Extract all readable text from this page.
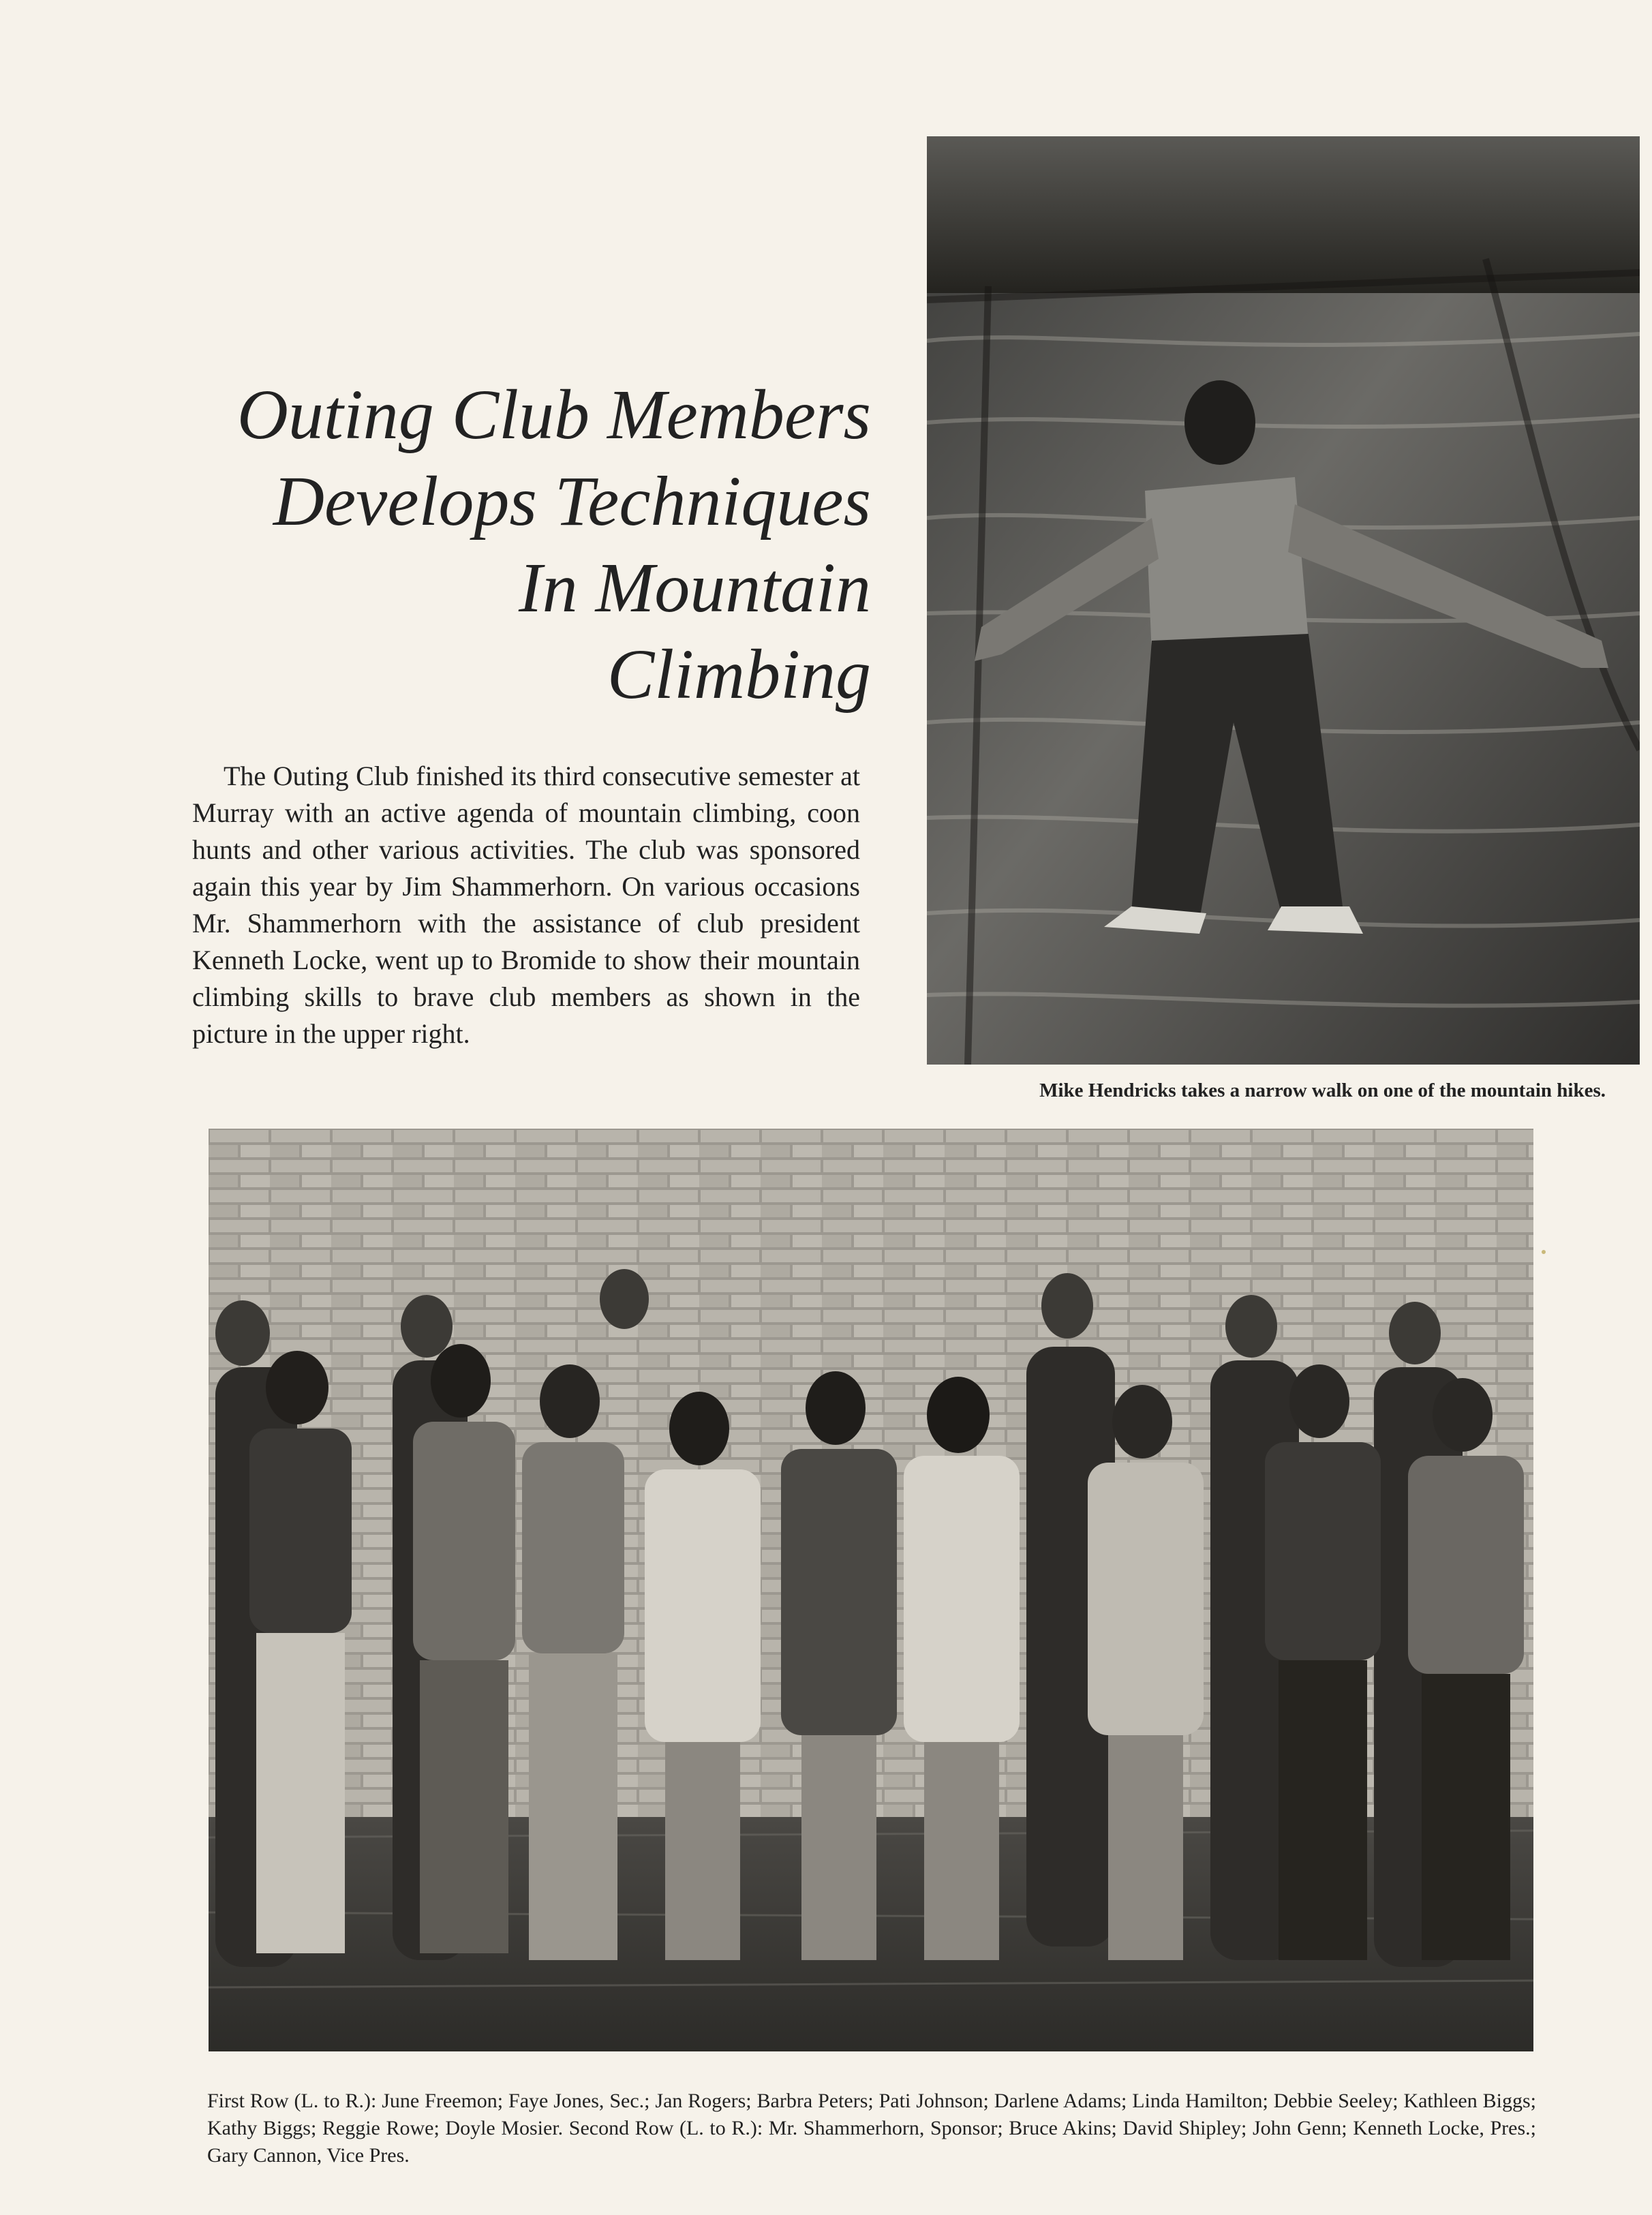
Outing Club Members
Develops Techniques
In Mountain
Climbing

The Outing Club finished its third consecutive semester at Murray with an active agenda of mountain climbing, coon hunts and other various activities. The club was sponsored again this year by Jim Shammerhorn. On various occasions Mr. Shammerhorn with the assistance of club president Kenneth Locke, went up to Bromide to show their mountain climbing skills to brave club members as shown in the picture in the upper right.

Mike Hendricks takes a narrow walk on one of the mountain hikes.

First Row (L. to R.): June Freemon; Faye Jones, Sec.; Jan Rogers; Barbra Peters; Pati Johnson; Darlene Adams; Linda Hamilton; Debbie Seeley; Kathleen Biggs; Kathy Biggs; Reggie Rowe; Doyle Mosier. Second Row (L. to R.): Mr. Shammerhorn, Sponsor; Bruce Akins; David Shipley; John Genn; Kenneth Locke, Pres.; Gary Cannon, Vice Pres.
